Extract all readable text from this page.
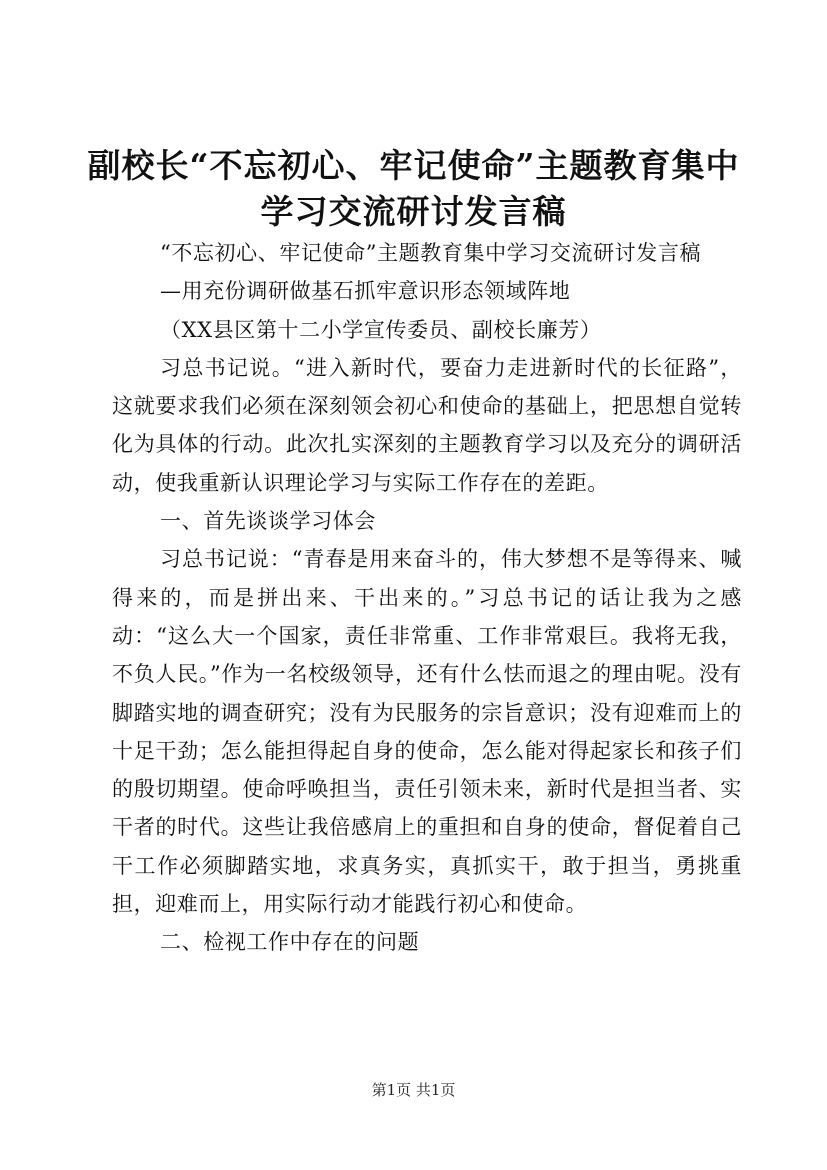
副校长“不忘初心、牢记使命”主题教育集中
学习交流研讨发言稿

“不忘初心、牢记使命”主题教育集中学习交流研讨发言稿

—用充份调研做基石抓牢意识形态领域阵地

（XX县区第十二小学宣传委员、副校长廉芳）

习总书记说。“进入新时代，要奋力走进新时代的长征路”，这就要求我们必须在深刻领会初心和使命的基础上，把思想自觉转化为具体的行动。此次扎实深刻的主题教育学习以及充分的调研活动，使我重新认识理论学习与实际工作存在的差距。

一、首先谈谈学习体会

习总书记说：“青春是用来奋斗的，伟大梦想不是等得来、喊得来的，而是拼出来、干出来的。”习总书记的话让我为之感动：“这么大一个国家，责任非常重、工作非常艰巨。我将无我，不负人民。”作为一名校级领导，还有什么怯而退之的理由呢。没有脚踏实地的调查研究；没有为民服务的宗旨意识；没有迎难而上的十足干劲；怎么能担得起自身的使命，怎么能对得起家长和孩子们的殷切期望。使命呼唤担当，责任引领未来，新时代是担当者、实干者的时代。这些让我倍感肩上的重担和自身的使命，督促着自己干工作必须脚踏实地，求真务实，真抓实干，敢于担当，勇挑重担，迎难而上，用实际行动才能践行初心和使命。

二、检视工作中存在的问题

第1页 共1页
